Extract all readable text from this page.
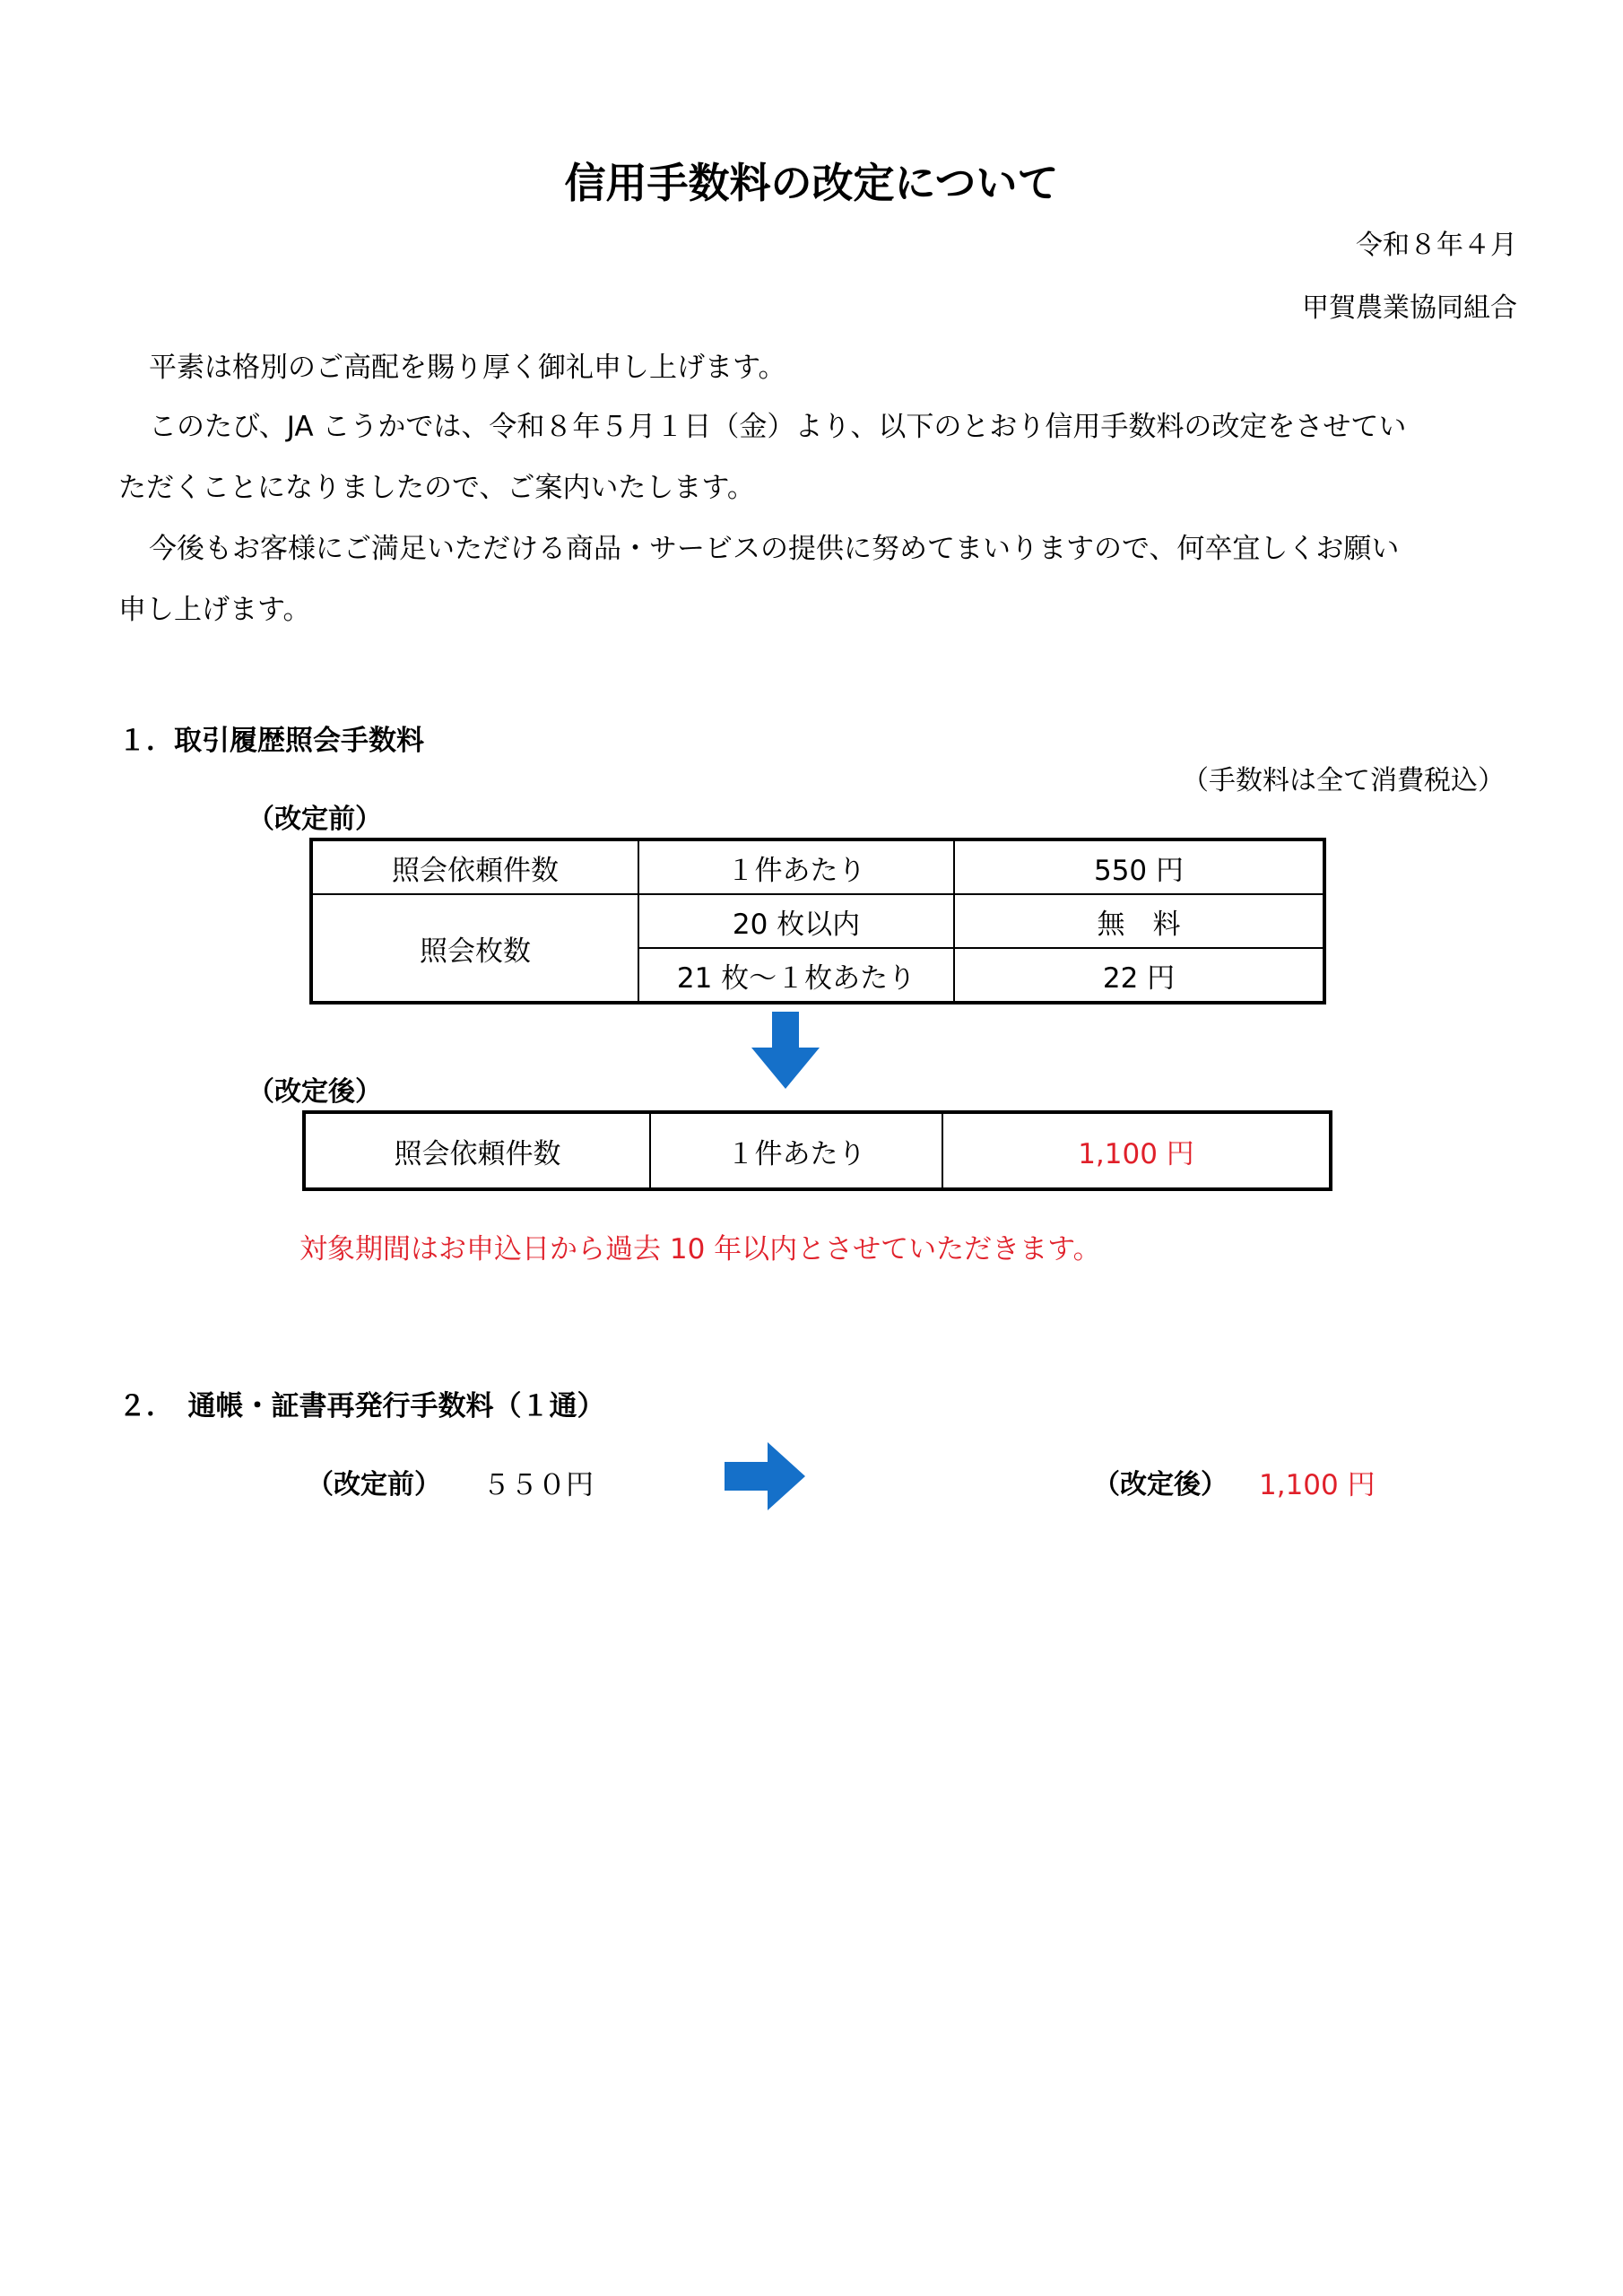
信用手数料の改定について
令和８年４月
甲賀農業協同組合
平素は格別のご高配を賜り厚く御礼申し上げます。
このたび、JA こうかでは、令和８年５月１日（金）より、以下のとおり信用手数料の改定をさせてい
ただくことになりましたので、ご案内いたします。
今後もお客様にご満足いただける商品・サービスの提供に努めてまいりますので、何卒宜しくお願い
申し上げます。
１．取引履歴照会手数料
（手数料は全て消費税込）
（改定前）
照会依頼件数	１件あたり	550 円
照会枚数	20 枚以内	無　料
	21 枚～１枚あたり	22 円
（改定後）
照会依頼件数	１件あたり	1,100 円
対象期間はお申込日から過去 10 年以内とさせていただきます。
２．　通帳・証書再発行手数料（１通）
（改定前） ５５０円	（改定後） 1,100 円
